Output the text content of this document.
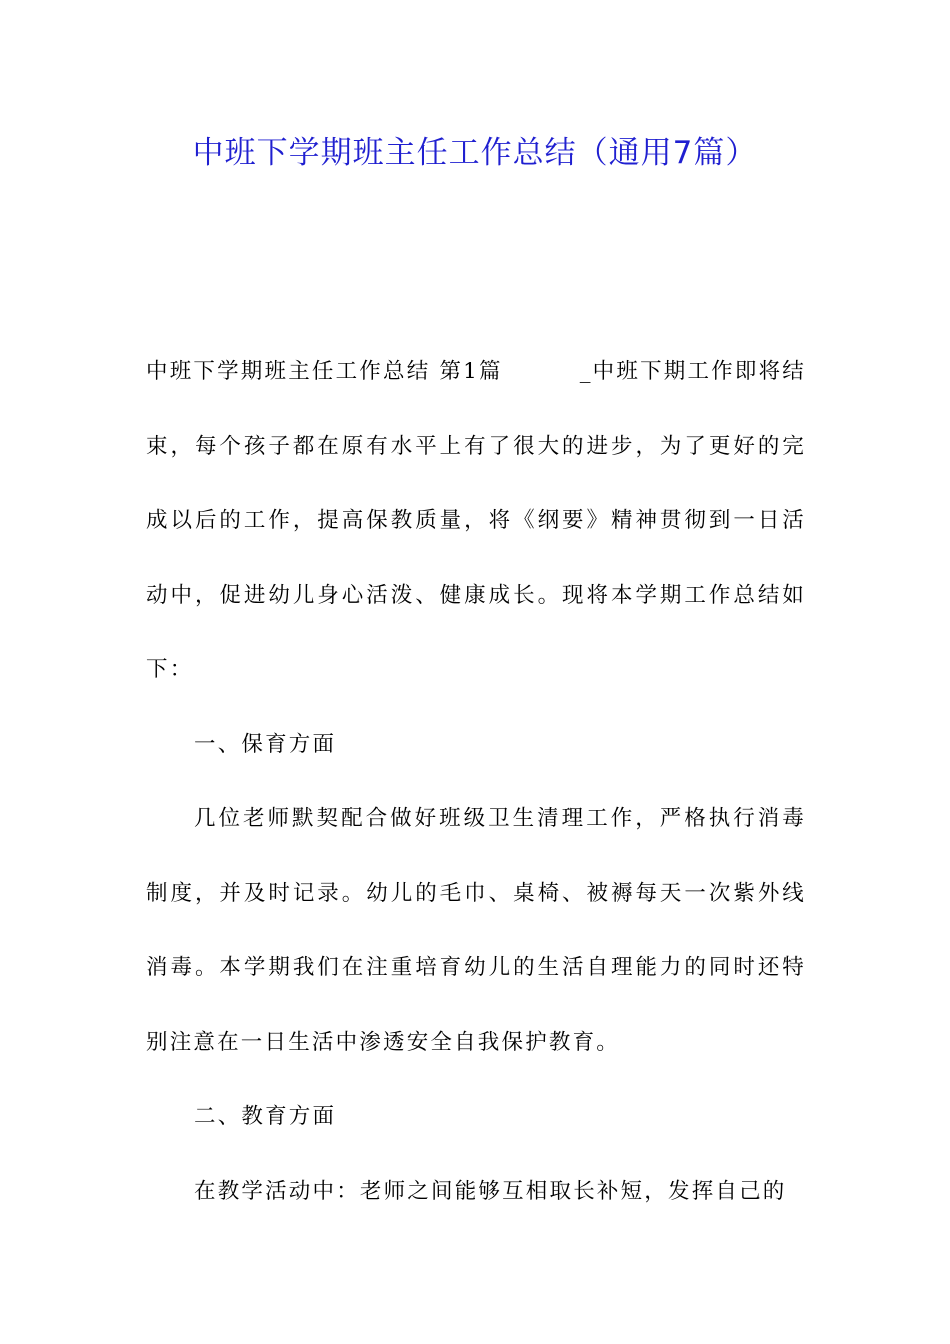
中班下学期班主任工作总结（通用7篇）
中班下学期班主任工作总结 第1篇	_中班下期工作即将结

束，每个孩子都在原有水平上有了很大的进步，为了更好的完成以后的工作，提高保教质量，将《纲要》精神贯彻到一日活动中，促进幼儿身心活泼、健康成长。现将本学期工作总结如下：

一、保育方面

几位老师默契配合做好班级卫生清理工作，严格执行消毒制度，并及时记录。幼儿的毛巾、桌椅、被褥每天一次紫外线消毒。本学期我们在注重培育幼儿的生活自理能力的同时还特别注意在一日生活中渗透安全自我保护教育。

二、教育方面

在教学活动中：老师之间能够互相取长补短，发挥自己的
